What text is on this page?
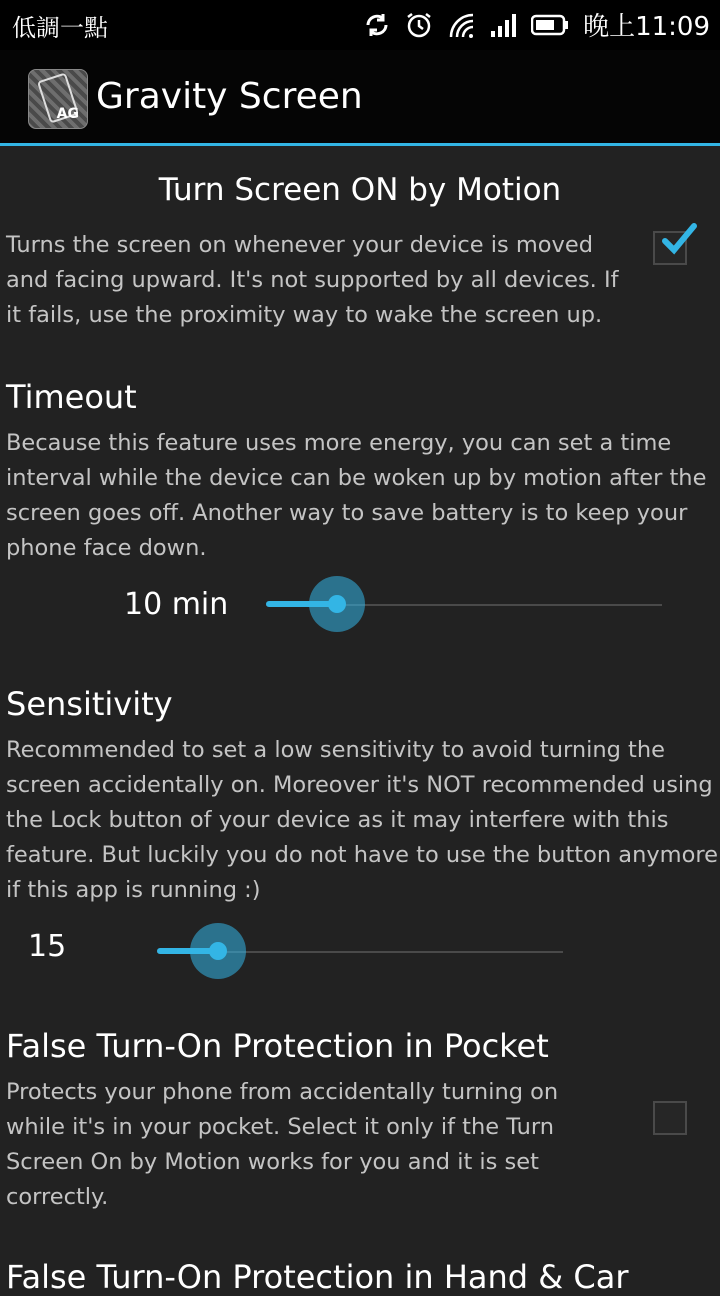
低調一點	晚上11:09
AG Gravity Screen
Turn Screen ON by Motion
Turns the screen on whenever your device is moved and facing upward. It's not supported by all devices. If it fails, use the proximity way to wake the screen up.
Timeout
Because this feature uses more energy, you can set a time interval while the device can be woken up by motion after the screen goes off. Another way to save battery is to keep your phone face down.
10 min
Sensitivity
Recommended to set a low sensitivity to avoid turning the screen accidentally on. Moreover it's NOT recommended using the Lock button of your device as it may interfere with this feature. But luckily you do not have to use the button anymore if this app is running :)
15
False Turn-On Protection in Pocket
Protects your phone from accidentally turning on while it's in your pocket. Select it only if the Turn Screen On by Motion works for you and it is set correctly.
False Turn-On Protection in Hand & Car
